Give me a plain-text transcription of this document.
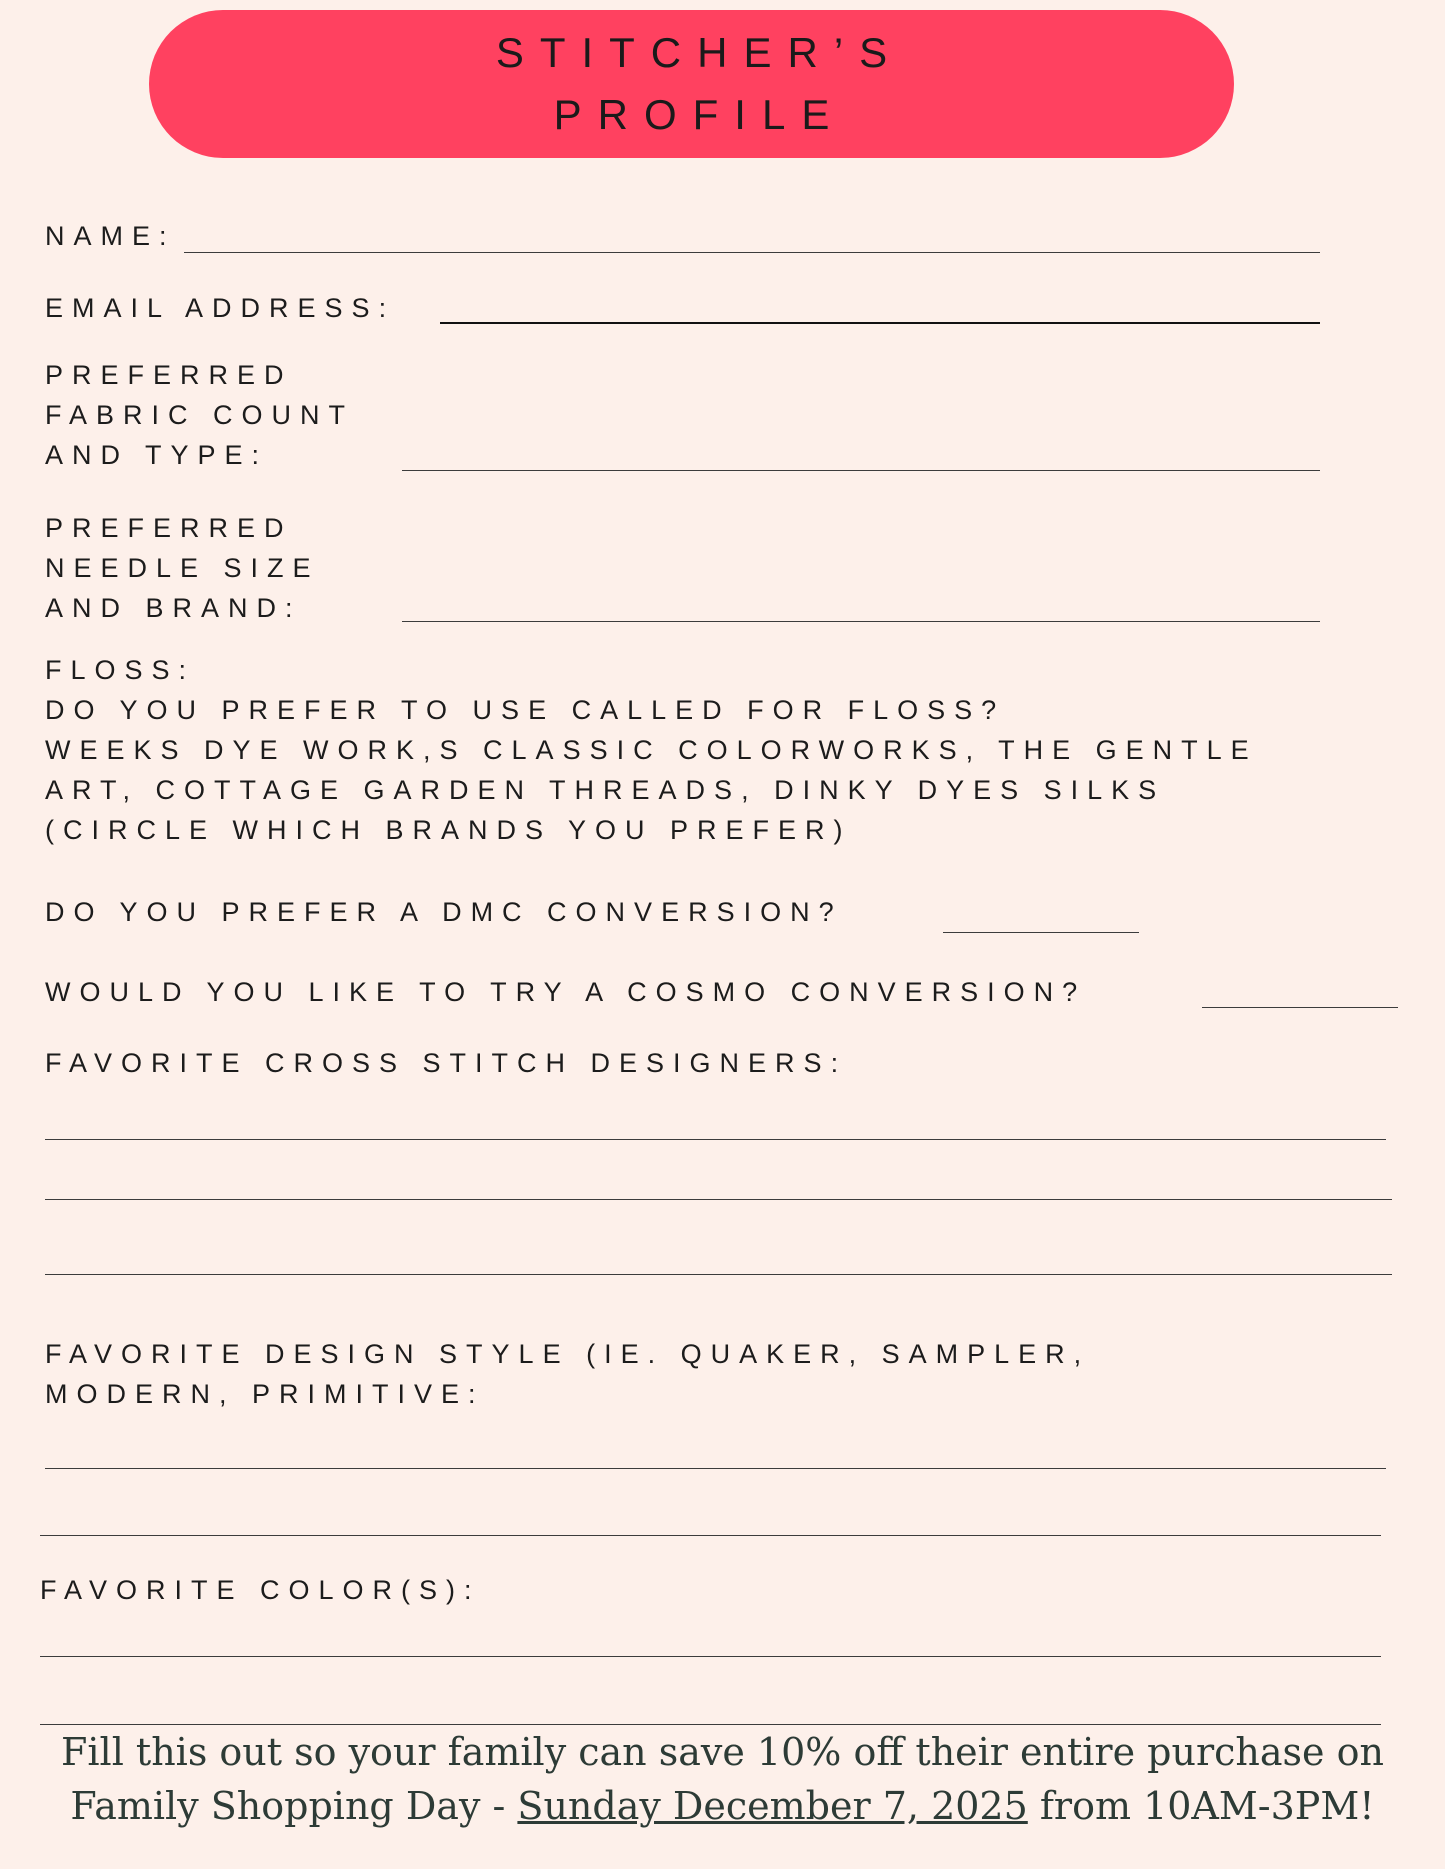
STITCHER’S
PROFILE
NAME:
EMAIL ADDRESS:
PREFERRED
FABRIC COUNT
AND TYPE:
PREFERRED
NEEDLE SIZE
AND BRAND:
FLOSS:
DO YOU PREFER TO USE CALLED FOR FLOSS?
WEEKS DYE WORK,S CLASSIC COLORWORKS, THE GENTLE
ART, COTTAGE GARDEN THREADS, DINKY DYES SILKS
(CIRCLE WHICH BRANDS YOU PREFER)
DO YOU PREFER A DMC CONVERSION?
WOULD YOU LIKE TO TRY A COSMO CONVERSION?
FAVORITE CROSS STITCH DESIGNERS:
FAVORITE DESIGN STYLE (IE. QUAKER, SAMPLER,
MODERN, PRIMITIVE:
FAVORITE COLOR(S):
Fill this out so your family can save 10% off their entire purchase on
Family Shopping Day - Sunday December 7, 2025 from 10AM-3PM!
